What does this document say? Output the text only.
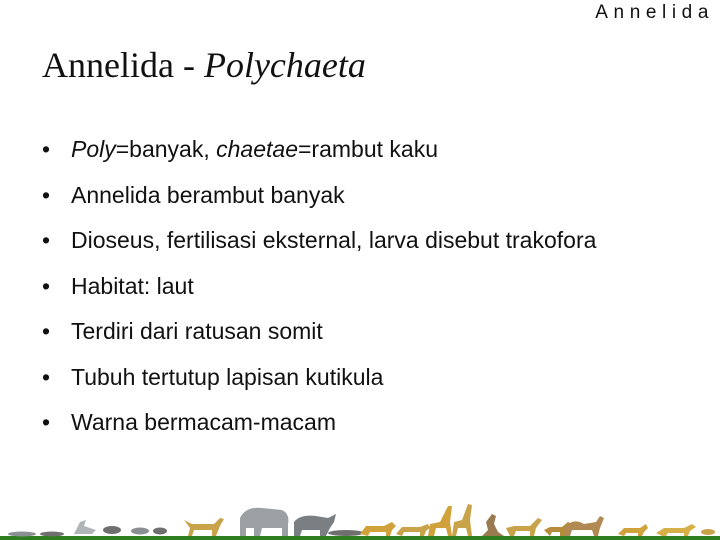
Annelida
Annelida - Polychaeta
• Poly=banyak, chaetae=rambut kaku
• Annelida berambut banyak
• Dioseus, fertilisasi eksternal, larva disebut trakofora
• Habitat: laut
• Terdiri dari ratusan somit
• Tubuh tertutup lapisan kutikula
• Warna bermacam-macam
